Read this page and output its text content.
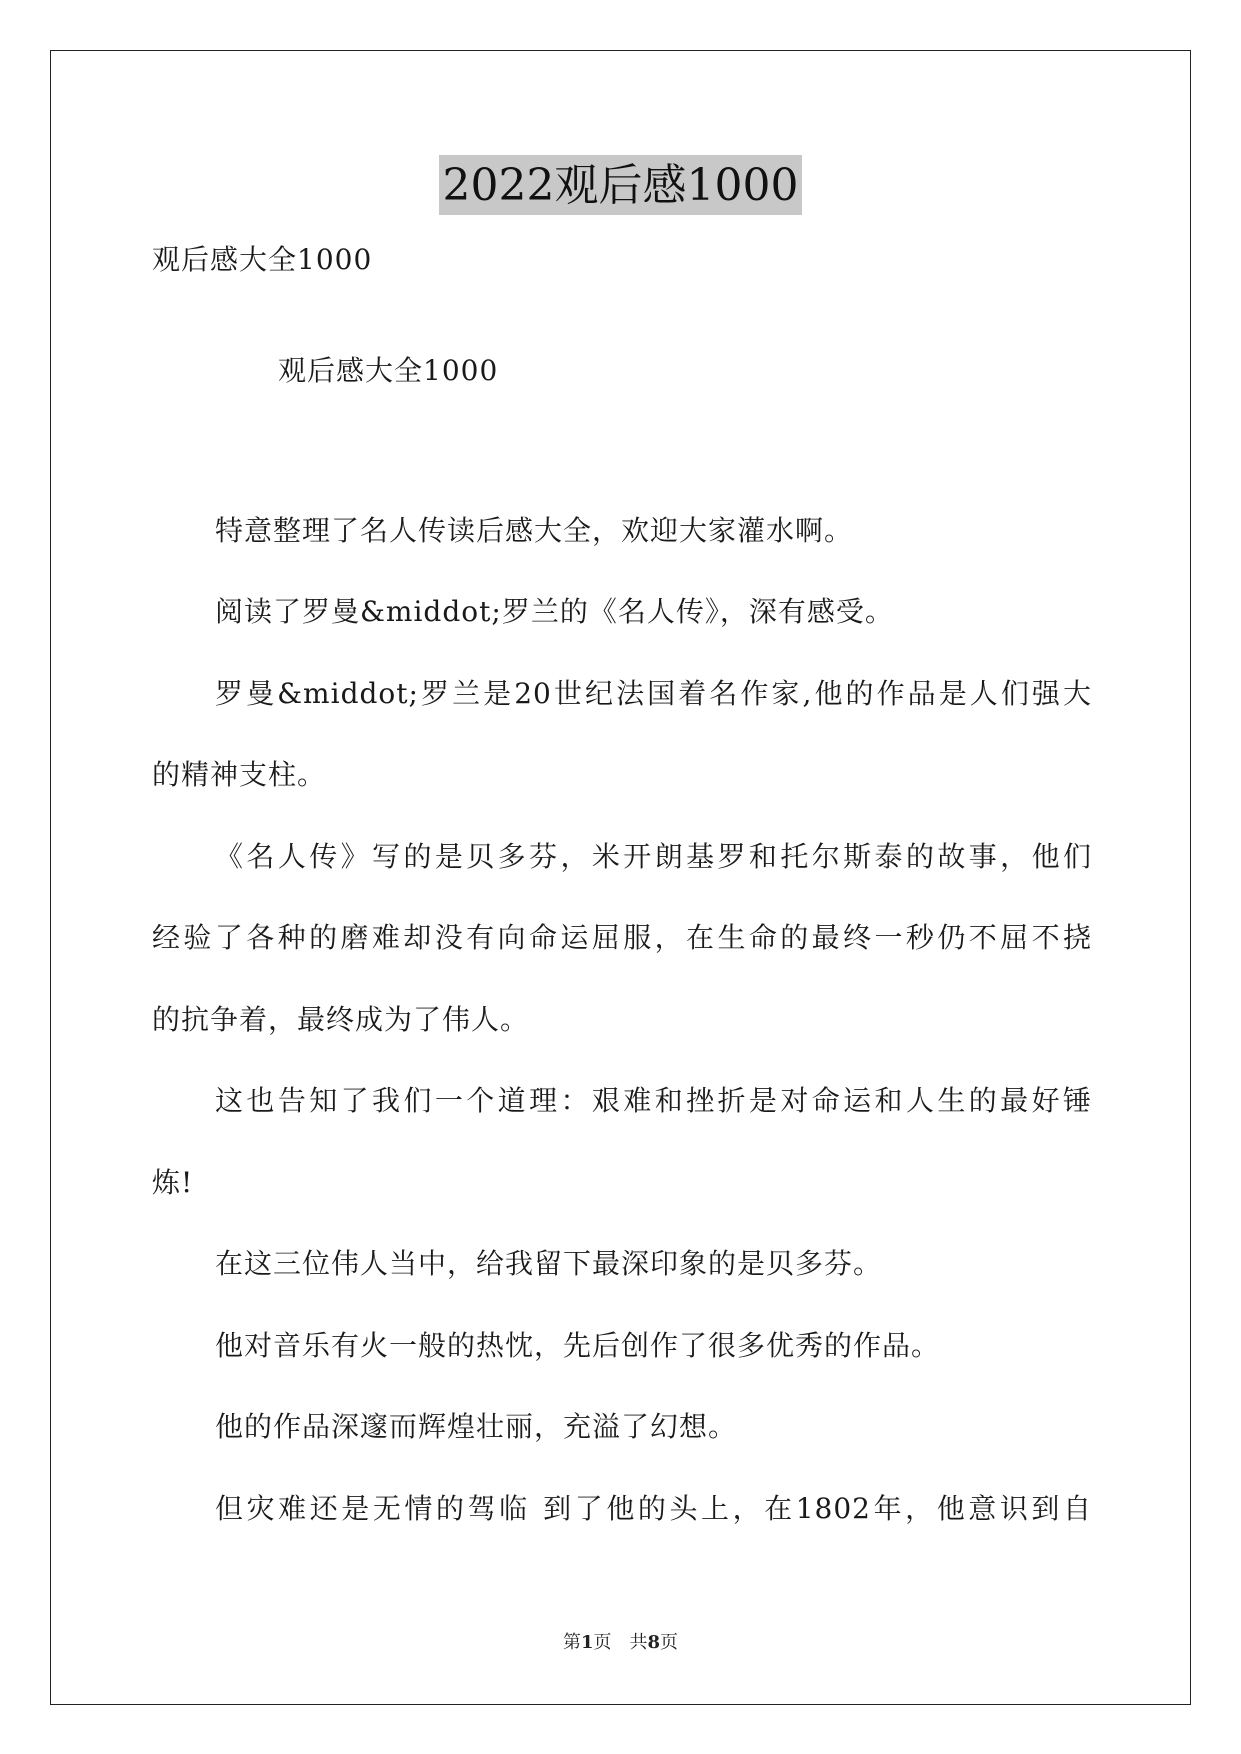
2022观后感1000
观后感大全1000
观后感大全1000
特意整理了名人传读后感大全，欢迎大家灌水啊。
阅读了罗曼&middot;罗兰的《名人传》，深有感受。
罗曼&middot;罗兰是20世纪法国着名作家,他的作品是人们强大
的精神支柱。
《名人传》写的是贝多芬，米开朗基罗和托尔斯泰的故事，他们
经验了各种的磨难却没有向命运屈服，在生命的最终一秒仍不屈不挠
的抗争着，最终成为了伟人。
这也告知了我们一个道理：艰难和挫折是对命运和人生的最好锤
炼!
在这三位伟人当中，给我留下最深印象的是贝多芬。
他对音乐有火一般的热忱，先后创作了很多优秀的作品。
他的作品深邃而辉煌壮丽，充溢了幻想。
但灾难还是无情的驾临 到了他的头上，在1802年，他意识到自
第1页　共8页
